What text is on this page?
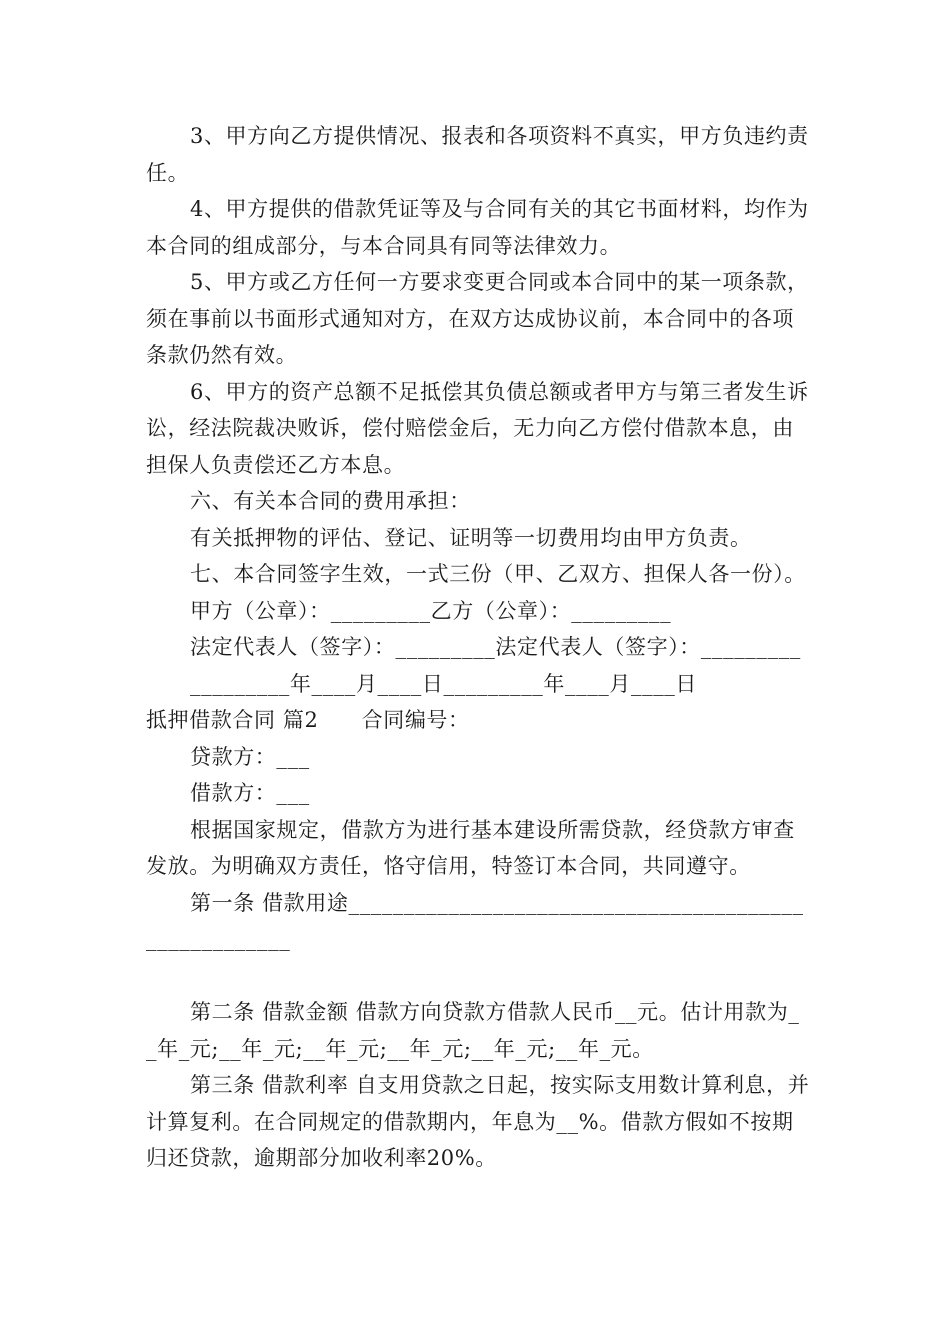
3、甲方向乙方提供情况、报表和各项资料不真实，甲方负违约责任。

4、甲方提供的借款凭证等及与合同有关的其它书面材料，均作为本合同的组成部分，与本合同具有同等法律效力。

5、甲方或乙方任何一方要求变更合同或本合同中的某一项条款，须在事前以书面形式通知对方，在双方达成协议前，本合同中的各项条款仍然有效。

6、甲方的资产总额不足抵偿其负债总额或者甲方与第三者发生诉讼，经法院裁决败诉，偿付赔偿金后，无力向乙方偿付借款本息，由担保人负责偿还乙方本息。

六、有关本合同的费用承担：

有关抵押物的评估、登记、证明等一切费用均由甲方负责。

七、本合同签字生效，一式三份（甲、乙双方、担保人各一份）。

甲方（公章）：_________乙方（公章）：_________

法定代表人（签字）：_________法定代表人（签字）：_________

_________年____月____日_________年____月____日

抵押借款合同 篇2　　合同编号：

贷款方：___

借款方：___

根据国家规定，借款方为进行基本建设所需贷款，经贷款方审查发放。为明确双方责任，恪守信用，特签订本合同，共同遵守。

第一条 借款用途______________________________________________________

第二条 借款金额 借款方向贷款方借款人民币__元。估计用款为__年_元;__年_元;__年_元;__年_元;__年_元;__年_元。

第三条 借款利率 自支用贷款之日起，按实际支用数计算利息，并计算复利。在合同规定的借款期内，年息为__%。借款方假如不按期归还贷款，逾期部分加收利率20%。
